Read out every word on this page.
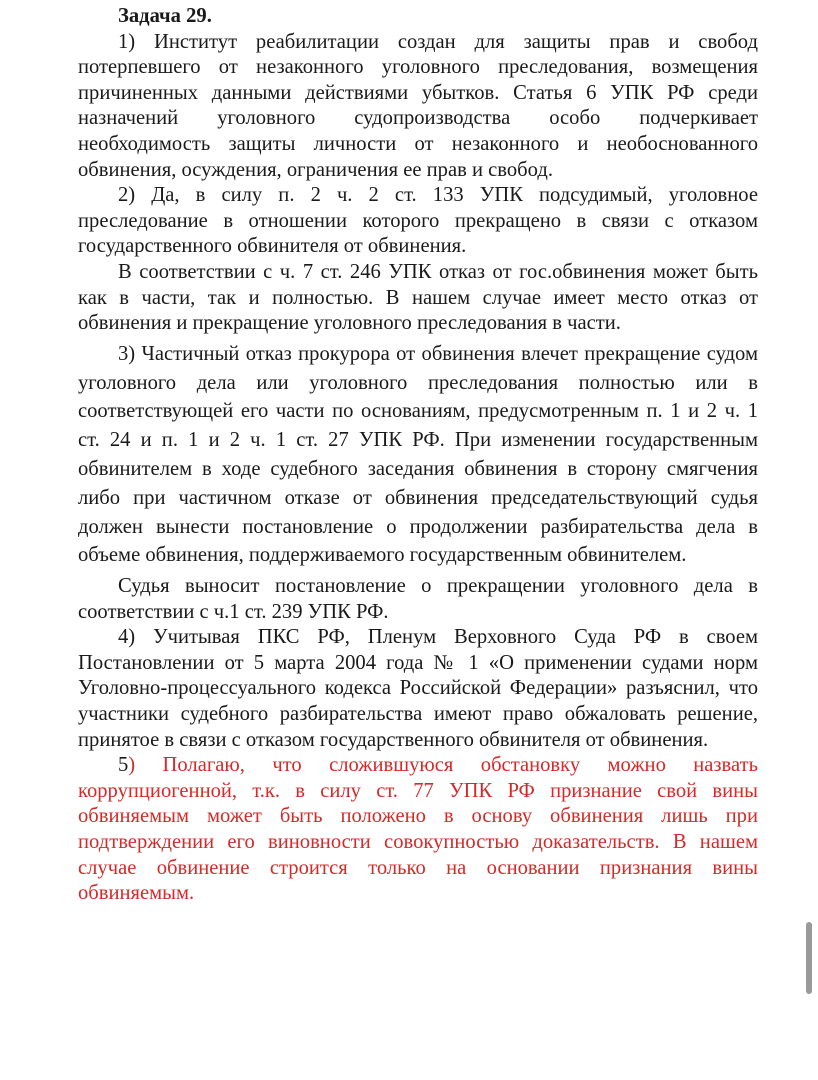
Задача 29.

1) Институт реабилитации создан для защиты прав и свобод потерпевшего от незаконного уголовного преследования, возмещения причиненных данными действиями убытков. Статья 6 УПК РФ среди назначений уголовного судопроизводства особо подчеркивает необходимость защиты личности от незаконного и необоснованного обвинения, осуждения, ограничения ее прав и свобод.

2) Да, в силу п. 2 ч. 2 ст. 133 УПК подсудимый, уголовное преследование в отношении которого прекращено в связи с отказом государственного обвинителя от обвинения.

В соответствии с ч. 7 ст. 246 УПК отказ от гос.обвинения может быть как в части, так и полностью. В нашем случае имеет место отказ от обвинения и прекращение уголовного преследования в части.

3) Частичный отказ прокурора от обвинения влечет прекращение судом уголовного дела или уголовного преследования полностью или в соответствующей его части по основаниям, предусмотренным п. 1 и 2 ч. 1 ст. 24 и п. 1 и 2 ч. 1 ст. 27 УПК РФ. При изменении государственным обвинителем в ходе судебного заседания обвинения в сторону смягчения либо при частичном отказе от обвинения председательствующий судья должен вынести постановление о продолжении разбирательства дела в объеме обвинения, поддерживаемого государственным обвинителем.

Судья выносит постановление о прекращении уголовного дела в соответствии с ч.1 ст. 239 УПК РФ.

4) Учитывая ПКС РФ, Пленум Верховного Суда РФ в своем Постановлении от 5 марта 2004 года № 1 «О применении судами норм Уголовно-процессуального кодекса Российской Федерации» разъяснил, что участники судебного разбирательства имеют право обжаловать решение, принятое в связи с отказом государственного обвинителя от обвинения.

5) Полагаю, что сложившуюся обстановку можно назвать коррупциогенной, т.к. в силу ст. 77 УПК РФ признание свой вины обвиняемым может быть положено в основу обвинения лишь при подтверждении его виновности совокупностью доказательств. В нашем случае обвинение строится только на основании признания вины обвиняемым.
